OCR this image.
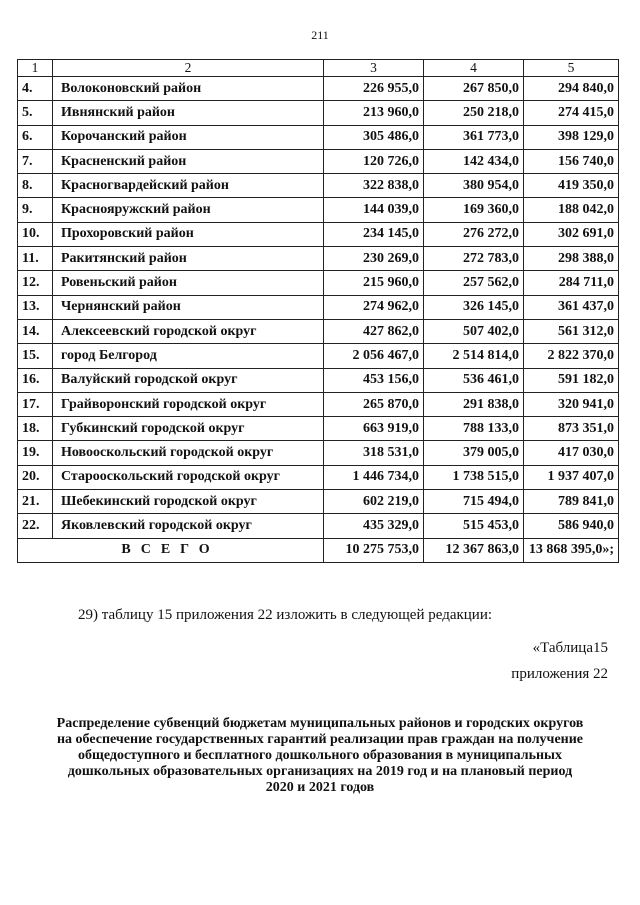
211
1	2	3	4	5
4.	Волоконовский район	226 955,0	267 850,0	294 840,0
5.	Ивнянский район	213 960,0	250 218,0	274 415,0
6.	Корочанский район	305 486,0	361 773,0	398 129,0
7.	Красненский район	120 726,0	142 434,0	156 740,0
8.	Красногвардейский район	322 838,0	380 954,0	419 350,0
9.	Краснояружский район	144 039,0	169 360,0	188 042,0
10.	Прохоровский район	234 145,0	276 272,0	302 691,0
11.	Ракитянский район	230 269,0	272 783,0	298 388,0
12.	Ровеньский район	215 960,0	257 562,0	284 711,0
13.	Чернянский район	274 962,0	326 145,0	361 437,0
14.	Алексеевский городской округ	427 862,0	507 402,0	561 312,0
15.	город Белгород	2 056 467,0	2 514 814,0	2 822 370,0
16.	Валуйский городской округ	453 156,0	536 461,0	591 182,0
17.	Грайворонский городской округ	265 870,0	291 838,0	320 941,0
18.	Губкинский городской округ	663 919,0	788 133,0	873 351,0
19.	Новооскольский городской округ	318 531,0	379 005,0	417 030,0
20.	Старооскольский городской округ	1 446 734,0	1 738 515,0	1 937 407,0
21.	Шебекинский городской округ	602 219,0	715 494,0	789 841,0
22.	Яковлевский городской округ	435 329,0	515 453,0	586 940,0
ВСЕГО		10 275 753,0	12 367 863,0	13 868 395,0»;
29) таблицу 15 приложения 22 изложить в следующей редакции:
«Таблица15
приложения 22
Распределение субвенций бюджетам муниципальных районов и городских округов
на обеспечение государственных гарантий реализации прав граждан на получение
общедоступного и бесплатного дошкольного образования в муниципальных
дошкольных образовательных организациях на 2019 год и на плановый период
2020 и 2021 годов
